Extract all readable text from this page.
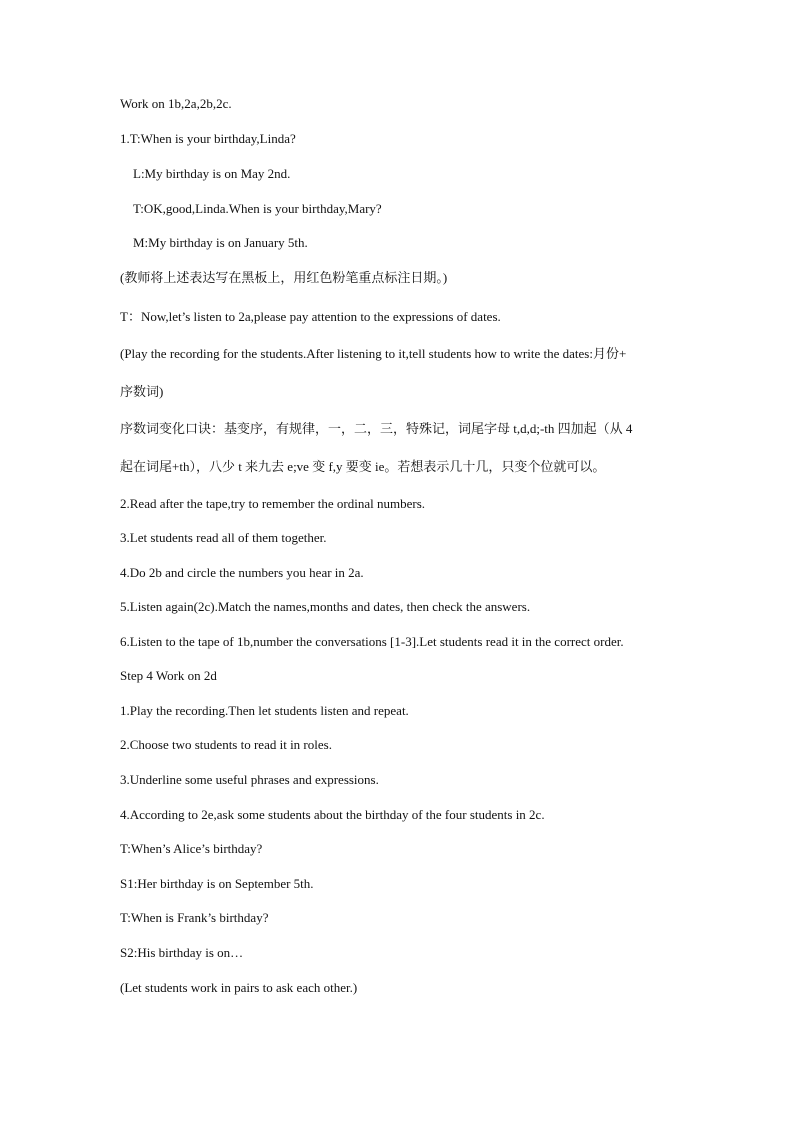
Work on 1b,2a,2b,2c.
1.T:When is your birthday,Linda?
L:My birthday is on May 2nd.
T:OK,good,Linda.When is your birthday,Mary?
M:My birthday is on January 5th.
(教师将上述表达写在黑板上，用红色粉笔重点标注日期。)
T：Now,let’s listen to 2a,please pay attention to the expressions of dates.
(Play the recording for the students.After listening to it,tell students how to write the dates:月份+
序数词)
序数词变化口诀：基变序，有规律，一，二，三，特殊记，词尾字母 t,d,d;-th 四加起（从 4
起在词尾+th），八少 t 来九去 e;ve 变 f,y 要变 ie。若想表示几十几，只变个位就可以。
2.Read after the tape,try to remember the ordinal numbers.
3.Let students read all of them together.
4.Do 2b and circle the numbers you hear in 2a.
5.Listen again(2c).Match the names,months and dates, then check the answers.
6.Listen to the tape of 1b,number the conversations [1-3].Let students read it in the correct order.
Step 4 Work on 2d
1.Play the recording.Then let students listen and repeat.
2.Choose two students to read it in roles.
3.Underline some useful phrases and expressions.
4.According to 2e,ask some students about the birthday of the four students in 2c.
T:When’s Alice’s birthday?
S1:Her birthday is on September 5th.
T:When is Frank’s birthday?
S2:His birthday is on…
(Let students work in pairs to ask each other.)
